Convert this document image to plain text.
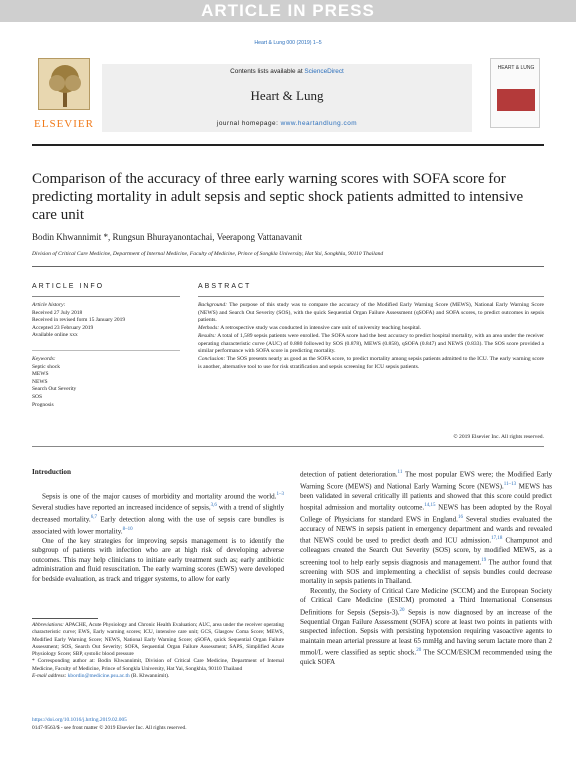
ARTICLE IN PRESS
Heart & Lung 000 (2019) 1–5
ELSEVIER
Contents lists available at ScienceDirect
Heart & Lung
journal homepage: www.heartandlung.com
HEART & LUNG
Comparison of the accuracy of three early warning scores with SOFA score for predicting mortality in adult sepsis and septic shock patients admitted to intensive care unit
Bodin Khwannimit *, Rungsun Bhurayanontachai, Veerapong Vattanavanit
Division of Critical Care Medicine, Department of Internal Medicine, Faculty of Medicine, Prince of Songkla University, Hat Yai, Songkhla, 90110 Thailand
ARTICLE INFO	ABSTRACT
Article history:
Received 27 July 2018
Received in revised form 15 January 2019
Accepted 23 February 2019
Available online xxx
Keywords:
Septic shock
MEWS
NEWS
Search Out Severity
SOS
Prognosis
Background: The purpose of this study was to compare the accuracy of the Modified Early Warning Score (MEWS), National Early Warning Score (NEWS) and Search Out Severity (SOS), with the quick Sequential Organ Failure Assessment (qSOFA) and SOFA scores, to predict outcomes in sepsis patients.
Methods: A retrospective study was conducted in intensive care unit of university teaching hospital.
Results: A total of 1,589 sepsis patients were enrolled. The SOFA score had the best accuracy to predict hospital mortality, with an area under the receiver operating characteristic curve (AUC) of 0.880 followed by SOS (0.878), MEWS (0.858), qSOFA (0.847) and NEWS (0.833). The SOS score provided a similar performance with SOFA score in predicting mortality.
Conclusion: The SOS presents nearly as good as the SOFA score, to predict mortality among sepsis patients admitted to the ICU. The early warning score is another, alternative tool to use for risk stratification and sepsis screening for ICU sepsis patients.
© 2019 Elsevier Inc. All rights reserved.
Introduction

Sepsis is one of the major causes of morbidity and mortality around the world.$^{1-3}$ Several studies have reported an increased incidence of sepsis,$^{3,6}$ with a trend of slightly decreased mortality.$^{6,7}$ Early detection along with the use of sepsis care bundles is associated with lower mortality.$^{8-10}$

One of the key strategies for improving sepsis management is to identify the subgroup of patients with infection who are at high risk of developing adverse outcomes. This may help clinicians to initiate early treatment such as; early antibiotic administration and fluid resuscitation. The early warning scores (EWS) were developed for bedside evaluation, as track and trigger systems, to allow for early

Abbreviations: APACHE, Acute Physiology and Chronic Health Evaluation; AUC, area under the receiver operating characteristic curve; EWS, Early warning scores; ICU, intensive care unit; GCS, Glasgow Coma Score; MEWS, Modified Early Warning Score; NEWS, National Early Warning Score; qSOFA, quick Sequential Organ Failure Assessment; SOS, Search Out Severity; SOFA, Sequential Organ Failure Assessment; SAPS, Simplified Acute Physiology Score; SBP, systolic blood pressure
* Corresponding author at: Bodin Khwannimit, Division of Critical Care Medicine, Department of Internal Medicine, Faculty of Medicine, Prince of Songkla University, Hat Yai, Songkhla, 90110 Thailand
E-mail address: kbordin@medicine.psu.ac.th (B. Khwannimit).

detection of patient deterioration.$^{11}$ The most popular EWS were; the Modified Early Warning Score (MEWS) and National Early Warning Score (NEWS).$^{11-13}$ MEWS has been validated in several critically ill patients and showed that this score could predict hospital admission and mortality outcome.$^{14,15}$ NEWS has been adopted by the Royal College of Physicians for standard EWS in England.$^{16}$ Several studies evaluated the accuracy of NEWS in sepsis patient in emergency department and wards and revealed that NEWS could be used to predict death and ICU admission.$^{17,18}$ Champunot and colleagues created the Search Out Severity (SOS) score, by modified MEWS, as a screening tool to help early sepsis diagnosis and management.$^{19}$ The author found that screening with SOS and implementing a checklist of sepsis bundles could decrease mortality in sepsis patients in Thailand.

Recently, the Society of Critical Care Medicine (SCCM) and the European Society of Critical Care Medicine (ESICM) promoted a Third International Consensus Definitions for Sepsis (Sepsis-3).$^{20}$ Sepsis is now diagnosed by an increase of the Sequential Organ Failure Assessment (SOFA) score at least two points in patients with suspected infection. Sepsis with persisting hypotension requiring vasoactive agents to maintain mean arterial pressure at least 65 mmHg and having serum lactate more than 2 mmol/L were classified as septic shock.$^{20}$ The SCCM/ESICM recommended using the quick SOFA

https://doi.org/10.1016/j.hrtlng.2019.02.005
0147-9563/$ - see front matter © 2019 Elsevier Inc. All rights reserved.
